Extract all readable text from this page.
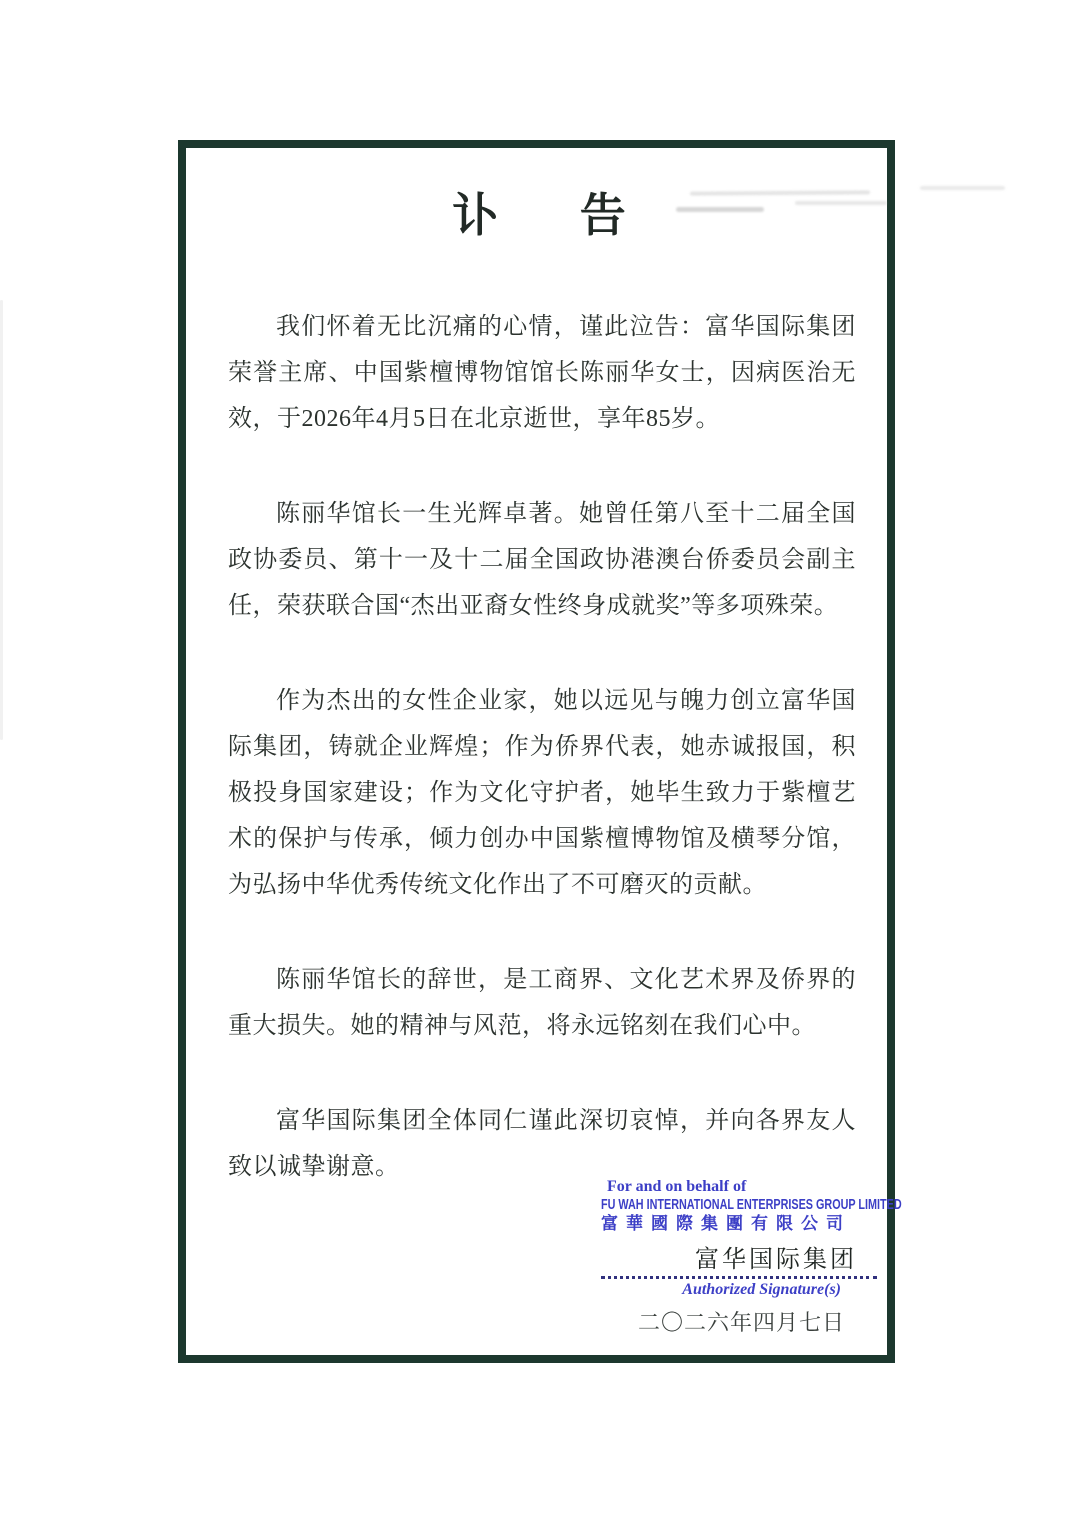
讣 告

我们怀着无比沉痛的心情，谨此泣告：富华国际集团荣誉主席、中国紫檀博物馆馆长陈丽华女士，因病医治无效，于2026年4月5日在北京逝世，享年85岁。

陈丽华馆长一生光辉卓著。她曾任第八至十二届全国政协委员、第十一及十二届全国政协港澳台侨委员会副主任，荣获联合国“杰出亚裔女性终身成就奖”等多项殊荣。

作为杰出的女性企业家，她以远见与魄力创立富华国际集团，铸就企业辉煌；作为侨界代表，她赤诚报国，积极投身国家建设；作为文化守护者，她毕生致力于紫檀艺术的保护与传承，倾力创办中国紫檀博物馆及横琴分馆，为弘扬中华优秀传统文化作出了不可磨灭的贡献。

陈丽华馆长的辞世，是工商界、文化艺术界及侨界的重大损失。她的精神与风范，将永远铭刻在我们心中。

富华国际集团全体同仁谨此深切哀悼，并向各界友人致以诚挚谢意。

For and on behalf of
FU WAH INTERNATIONAL ENTERPRISES GROUP LIMITED
富華國際集團有限公司
富华国际集团
Authorized Signature(s)
二〇二六年四月七日
